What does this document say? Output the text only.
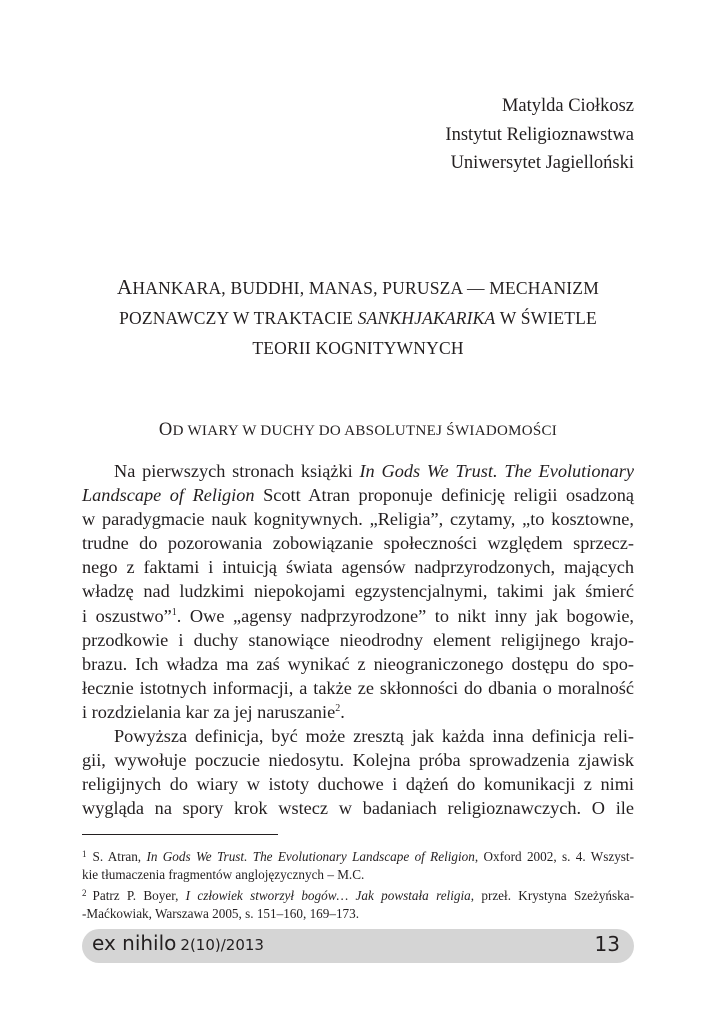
Matylda Ciołkosz
Instytut Religioznawstwa
Uniwersytet Jagielloński
AHANKARA, BUDDHI, MANAS, PURUSZA — MECHANIZM
POZNAWCZY W TRAKTACIE SANKHJAKARIKA W ŚWIETLE
TEORII KOGNITYWNYCH
OD WIARY W DUCHY DO ABSOLUTNEJ ŚWIADOMOŚCI
Na pierwszych stronach książki In Gods We Trust. The Evolutionary
Landscape of Religion Scott Atran proponuje definicję religii osadzoną
w paradygmacie nauk kognitywnych. „Religia”, czytamy, „to kosztowne,
trudne do pozorowania zobowiązanie społeczności względem sprzecz-
nego z faktami i intuicją świata agensów nadprzyrodzonych, mających
władzę nad ludzkimi niepokojami egzystencjalnymi, takimi jak śmierć
i oszustwo”$^1$. Owe „agensy nadprzyrodzone” to nikt inny jak bogowie,
przodkowie i duchy stanowiące nieodrodny element religijnego krajo-
brazu. Ich władza ma zaś wynikać z nieograniczonego dostępu do spo-
łecznie istotnych informacji, a także ze skłonności do dbania o moralność
i rozdzielania kar za jej naruszanie$^2$.
Powyższa definicja, być może zresztą jak każda inna definicja reli-
gii, wywołuje poczucie niedosytu. Kolejna próba sprowadzenia zjawisk
religijnych do wiary w istoty duchowe i dążeń do komunikacji z nimi
wygląda na spory krok wstecz w badaniach religioznawczych. O ile
$^1$ S. Atran, In Gods We Trust. The Evolutionary Landscape of Religion, Oxford 2002, s. 4. Wszyst-
kie tłumaczenia fragmentów anglojęzycznych – M.C.
$^2$ Patrz P. Boyer, I człowiek stworzył bogów… Jak powstała religia, przeł. Krystyna Szeżyńska-
-Maćkowiak, Warszawa 2005, s. 151–160, 169–173.
ex nihilo 2(10)/2013	13
